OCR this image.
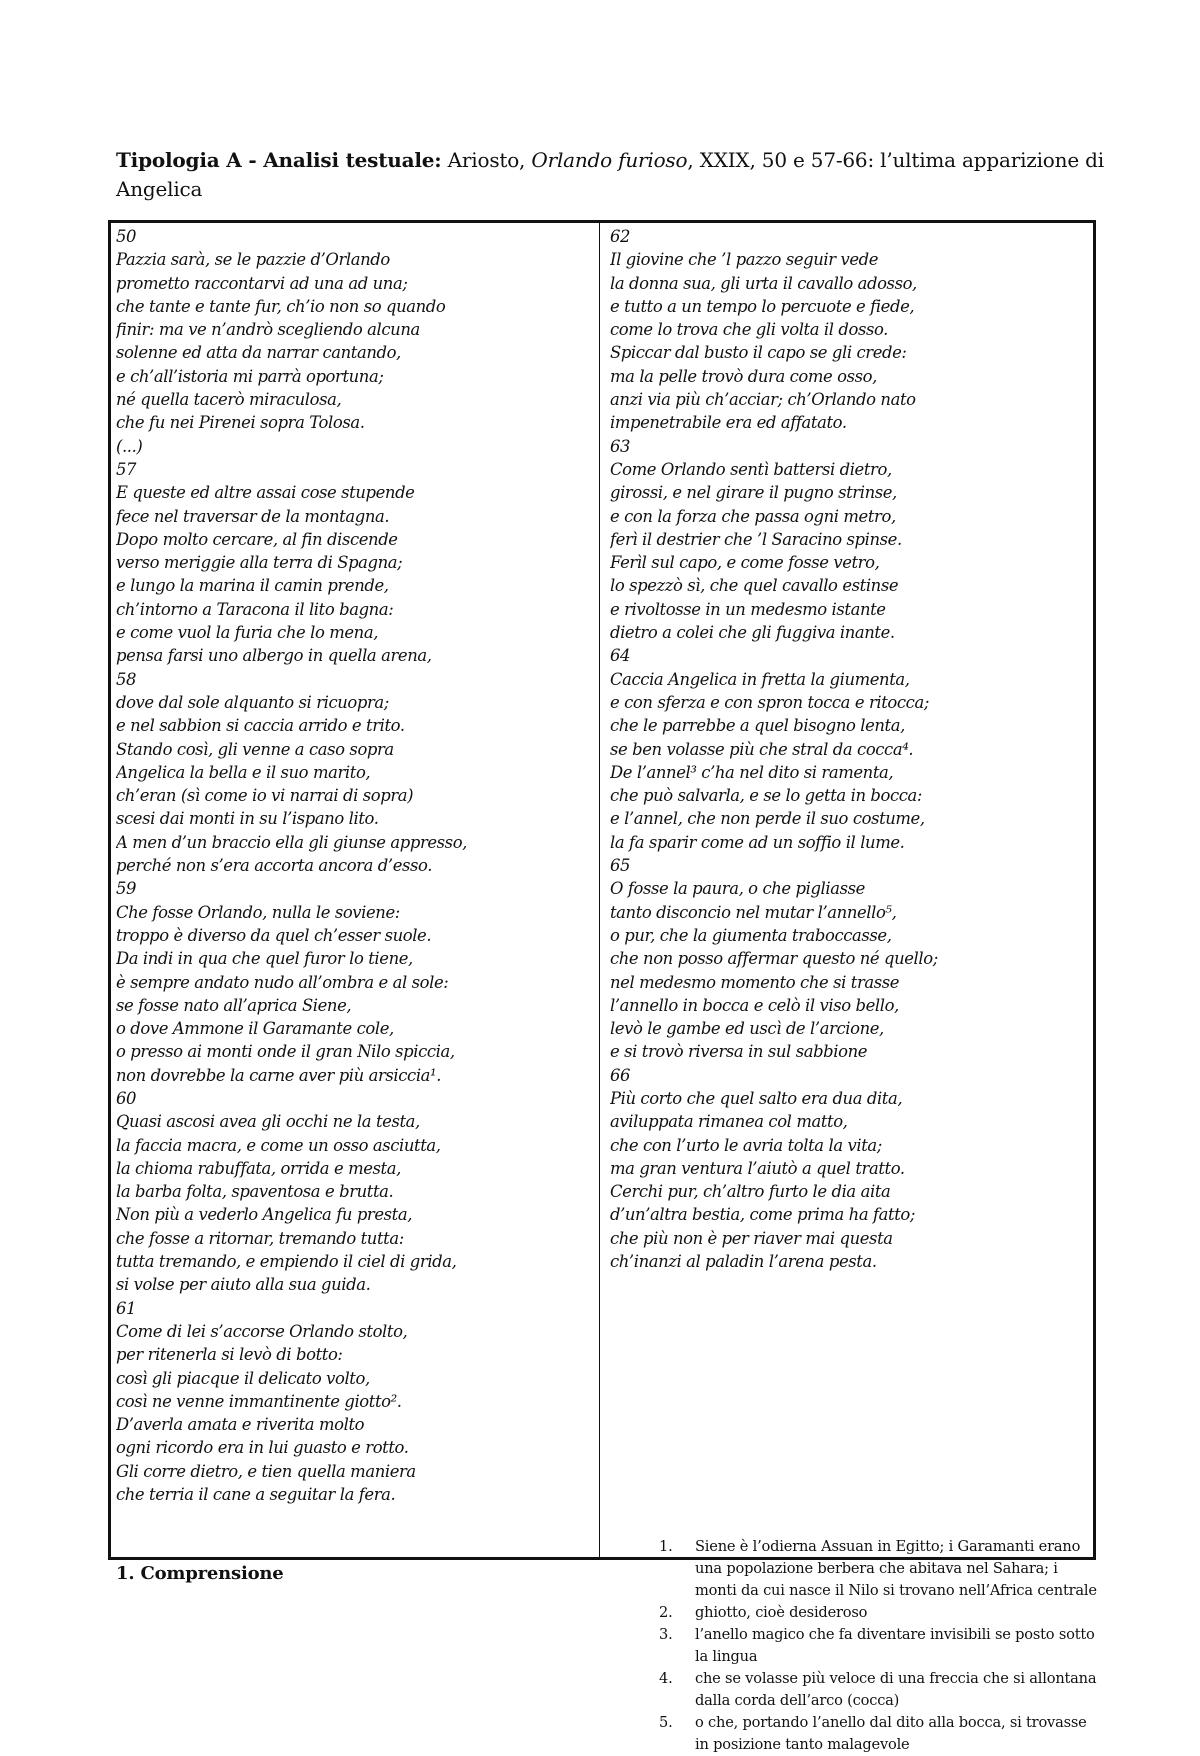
Tipologia A - Analisi testuale: Ariosto, Orlando furioso, XXIX, 50 e 57-66: l’ultima apparizione di Angelica
50
Pazzia sarà, se le pazzie d’Orlando
prometto raccontarvi ad una ad una;
che tante e tante fur, ch’io non so quando
finir: ma ve n’andrò scegliendo alcuna
solenne ed atta da narrar cantando,
e ch’all’istoria mi parrà oportuna;
né quella tacerò miraculosa,
che fu nei Pirenei sopra Tolosa.
(...)
57
E queste ed altre assai cose stupende
fece nel traversar de la montagna.
Dopo molto cercare, al fin discende
verso meriggie alla terra di Spagna;
e lungo la marina il camin prende,
ch’intorno a Taracona il lito bagna:
e come vuol la furia che lo mena,
pensa farsi uno albergo in quella arena,
58
dove dal sole alquanto si ricuopra;
e nel sabbion si caccia arrido e trito.
Stando così, gli venne a caso sopra
Angelica la bella e il suo marito,
ch’eran (sì come io vi narrai di sopra)
scesi dai monti in su l’ispano lito.
A men d’un braccio ella gli giunse appresso,
perché non s’era accorta ancora d’esso.
59
Che fosse Orlando, nulla le soviene:
troppo è diverso da quel ch’esser suole.
Da indi in qua che quel furor lo tiene,
è sempre andato nudo all’ombra e al sole:
se fosse nato all’aprica Siene,
o dove Ammone il Garamante cole,
o presso ai monti onde il gran Nilo spiccia,
non dovrebbe la carne aver più arsiccia¹.
60
Quasi ascosi avea gli occhi ne la testa,
la faccia macra, e come un osso asciutta,
la chioma rabuffata, orrida e mesta,
la barba folta, spaventosa e brutta.
Non più a vederlo Angelica fu presta,
che fosse a ritornar, tremando tutta:
tutta tremando, e empiendo il ciel di grida,
si volse per aiuto alla sua guida.
61
Come di lei s’accorse Orlando stolto,
per ritenerla si levò di botto:
così gli piacque il delicato volto,
così ne venne immantinente giotto².
D’averla amata e riverita molto
ogni ricordo era in lui guasto e rotto.
Gli corre dietro, e tien quella maniera
che terria il cane a seguitar la fera.
62
Il giovine che ’l pazzo seguir vede
la donna sua, gli urta il cavallo adosso,
e tutto a un tempo lo percuote e fiede,
come lo trova che gli volta il dosso.
Spiccar dal busto il capo se gli crede:
ma la pelle trovò dura come osso,
anzi via più ch’acciar; ch’Orlando nato
impenetrabile era ed affatato.
63
Come Orlando sentì battersi dietro,
girossi, e nel girare il pugno strinse,
e con la forza che passa ogni metro,
ferì il destrier che ’l Saracino spinse.
Ferìl sul capo, e come fosse vetro,
lo spezzò sì, che quel cavallo estinse
e rivoltosse in un medesmo istante
dietro a colei che gli fuggiva inante.
64
Caccia Angelica in fretta la giumenta,
e con sferza e con spron tocca e ritocca;
che le parrebbe a quel bisogno lenta,
se ben volasse più che stral da cocca⁴.
De l’annel³ c’ha nel dito si ramenta,
che può salvarla, e se lo getta in bocca:
e l’annel, che non perde il suo costume,
la fa sparir come ad un soffio il lume.
65
O fosse la paura, o che pigliasse
tanto disconcio nel mutar l’annello⁵,
o pur, che la giumenta traboccasse,
che non posso affermar questo né quello;
nel medesmo momento che si trasse
l’annello in bocca e celò il viso bello,
levò le gambe ed uscì de l’arcione,
e si trovò riversa in sul sabbione
66
Più corto che quel salto era dua dita,
aviluppata rimanea col matto,
che con l’urto le avria tolta la vita;
ma gran ventura l’aiutò a quel tratto.
Cerchi pur, ch’altro furto le dia aita
d’un’altra bestia, come prima ha fatto;
che più non è per riaver mai questa
ch’inanzi al paladin l’arena pesta.
1. Siene è l’odierna Assuan in Egitto; i Garamanti erano una popolazione berbera che abitava nel Sahara; i monti da cui nasce il Nilo si trovano nell’Africa centrale
2. ghiotto, cioè desideroso
3. l’anello magico che fa diventare invisibili se posto sotto la lingua
4. che se volasse più veloce di una freccia che si allontana dalla corda dell’arco (cocca)
5. o che, portando l’anello dal dito alla bocca, si trovasse in posizione tanto malagevole
1. Comprensione
